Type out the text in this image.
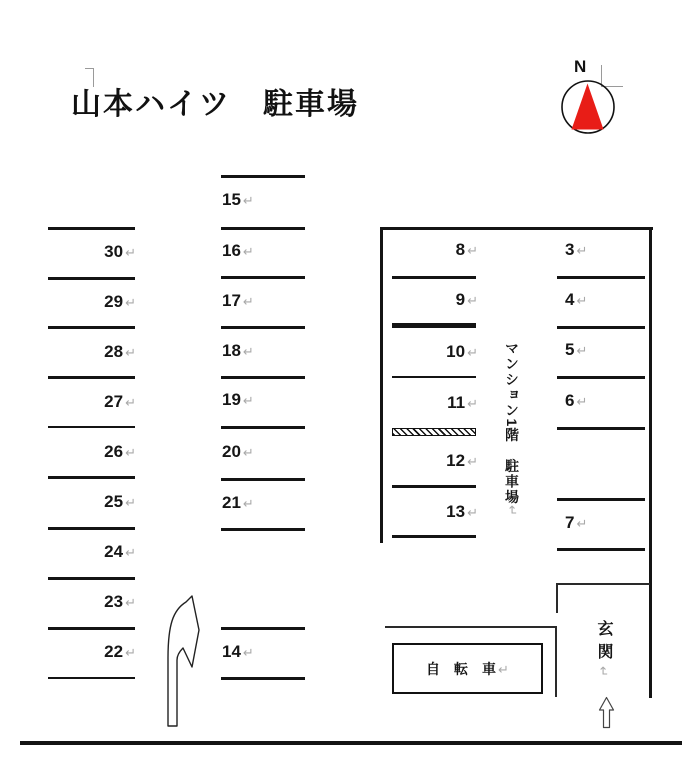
山本ハイツ　駐車場
N
30 ↵
29 ↵
28 ↵
27 ↵
26 ↵
25 ↵
24 ↵
23 ↵
22 ↵
15 ↵
16 ↵
17 ↵
18 ↵
19 ↵
20 ↵
21 ↵
14 ↵
8 ↵
9 ↵
10 ↵
11 ↵
12 ↵
13 ↵
マンション1階　駐車場↵
3 ↵
4 ↵
5 ↵
6 ↵
7 ↵
玄関↵
自　転　車 ↵
